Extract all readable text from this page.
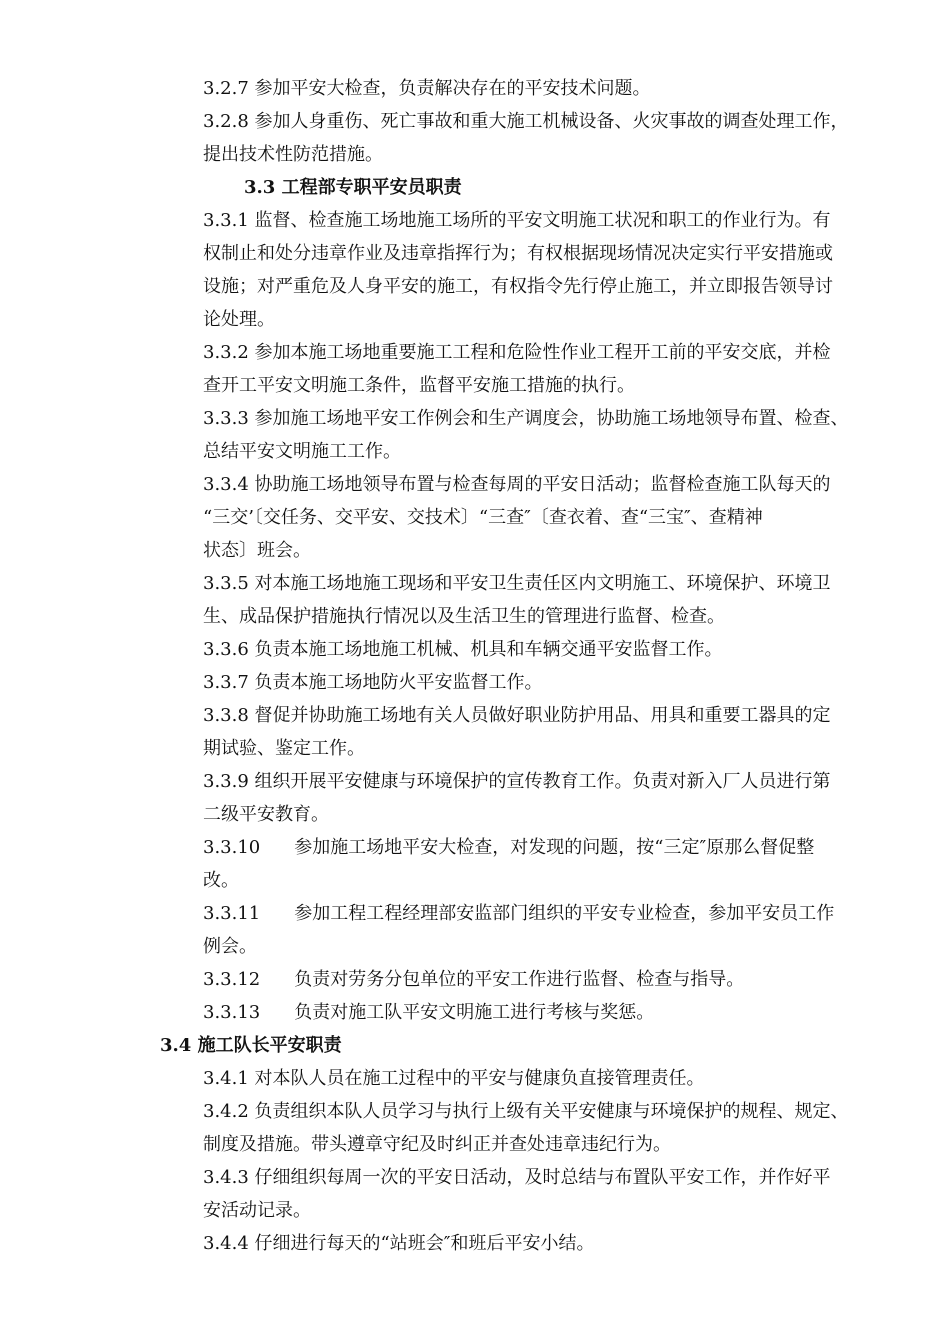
3.2.7 参加平安大检查，负责解决存在的平安技术问题。
3.2.8 参加人身重伤、死亡事故和重大施工机械设备、火灾事故的调查处理工作，
提出技术性防范措施。
3.3 工程部专职平安员职责
3.3.1 监督、检查施工场地施工场所的平安文明施工状况和职工的作业行为。有
权制止和处分违章作业及违章指挥行为；有权根据现场情况决定实行平安措施或
设施；对严重危及人身平安的施工，有权指令先行停止施工，并立即报告领导讨
论处理。
3.3.2 参加本施工场地重要施工工程和危险性作业工程开工前的平安交底，并检
查开工平安文明施工条件，监督平安施工措施的执行。
3.3.3 参加施工场地平安工作例会和生产调度会，协助施工场地领导布置、检查、
总结平安文明施工工作。
3.3.4 协助施工场地领导布置与检查每周的平安日活动；监督检查施工队每天的
“三交’〔交任务、交平安、交技术〕“三查″〔查衣着、查“三宝″、查精神
状态〕班会。
3.3.5 对本施工场地施工现场和平安卫生责任区内文明施工、环境保护、环境卫
生、成品保护措施执行情况以及生活卫生的管理进行监督、检查。
3.3.6 负责本施工场地施工机械、机具和车辆交通平安监督工作。
3.3.7 负责本施工场地防火平安监督工作。
3.3.8 督促并协助施工场地有关人员做好职业防护用品、用具和重要工器具的定
期试验、鉴定工作。
3.3.9 组织开展平安健康与环境保护的宣传教育工作。负责对新入厂人员进行第
二级平安教育。
3.3.10 参加施工场地平安大检查，对发现的问题，按“三定″原那么督促整
改。
3.3.11 参加工程工程经理部安监部门组织的平安专业检查，参加平安员工作
例会。
3.3.12 负责对劳务分包单位的平安工作进行监督、检查与指导。
3.3.13 负责对施工队平安文明施工进行考核与奖惩。
3.4 施工队长平安职责
3.4.1 对本队人员在施工过程中的平安与健康负直接管理责任。
3.4.2 负责组织本队人员学习与执行上级有关平安健康与环境保护的规程、规定、
制度及措施。带头遵章守纪及时纠正并查处违章违纪行为。
3.4.3 仔细组织每周一次的平安日活动，及时总结与布置队平安工作，并作好平
安活动记录。
3.4.4 仔细进行每天的“站班会″和班后平安小结。
